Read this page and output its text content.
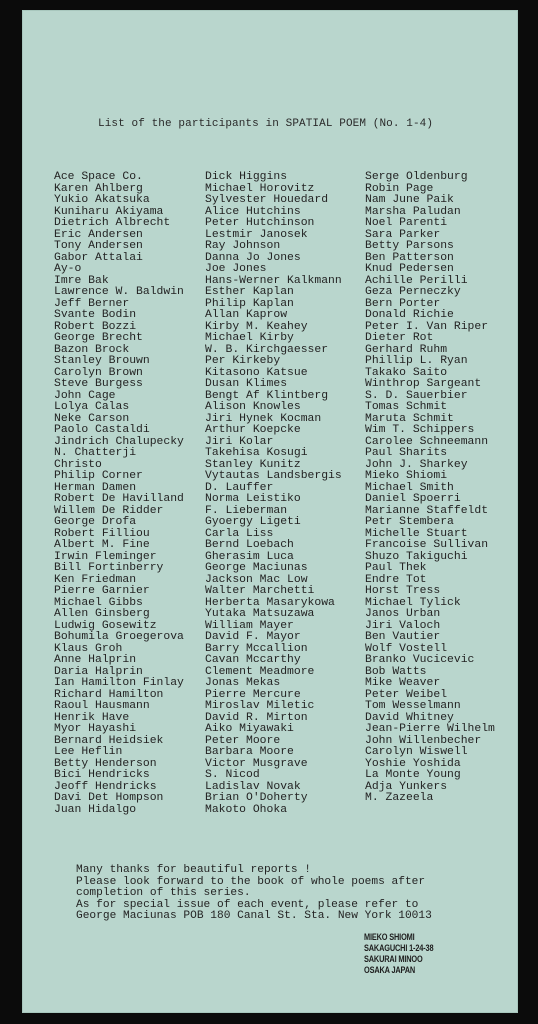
List of the participants in SPATIAL POEM (No. 1-4)
Ace Space Co.
Karen Ahlberg
Yukio Akatsuka
Kuniharu Akiyama
Dietrich Albrecht
Eric Andersen
Tony Andersen
Gabor Attalai
Ay-o
Imre Bak
Lawrence W. Baldwin
Jeff Berner
Svante Bodin
Robert Bozzi
George Brecht
Bazon Brock
Stanley Brouwn
Carolyn Brown
Steve Burgess
John Cage
Lolya Calas
Neke Carson
Paolo Castaldi
Jindrich Chalupecky
N. Chatterji
Christo
Philip Corner
Herman Damen
Robert De Havilland
Willem De Ridder
George Drofa
Robert Filliou
Albert M. Fine
Irwin Fleminger
Bill Fortinberry
Ken Friedman
Pierre Garnier
Michael Gibbs
Allen Ginsberg
Ludwig Gosewitz
Bohumila Groegerova
Klaus Groh
Anne Halprin
Daria Halprin
Ian Hamilton Finlay
Richard Hamilton
Raoul Hausmann
Henrik Have
Myor Hayashi
Bernard Heidsiek
Lee Heflin
Betty Henderson
Bici Hendricks
Jeoff Hendricks
Davi Det Hompson
Juan Hidalgo
Dick Higgins
Michael Horovitz
Sylvester Houedard
Alice Hutchins
Peter Hutchinson
Lestmir Janosek
Ray Johnson
Danna Jo Jones
Joe Jones
Hans-Werner Kalkmann
Esther Kaplan
Philip Kaplan
Allan Kaprow
Kirby M. Keahey
Michael Kirby
W. B. Kirchgaesser
Per Kirkeby
Kitasono Katsue
Dusan Klimes
Bengt Af Klintberg
Alison Knowles
Jiri Hynek Kocman
Arthur Koepcke
Jiri Kolar
Takehisa Kosugi
Stanley Kunitz
Vytautas Landsbergis
D. Lauffer
Norma Leistiko
F. Lieberman
Gyoergy Ligeti
Carla Liss
Bernd Loebach
Gherasim Luca
George Maciunas
Jackson Mac Low
Walter Marchetti
Herberta Masarykowa
Yutaka Matsuzawa
William Mayer
David F. Mayor
Barry Mccallion
Cavan Mccarthy
Clement Meadmore
Jonas Mekas
Pierre Mercure
Miroslav Miletic
David R. Mirton
Aiko Miyawaki
Peter Moore
Barbara Moore
Victor Musgrave
S. Nicod
Ladislav Novak
Brian O'Doherty
Makoto Ohoka
Serge Oldenburg
Robin Page
Nam June Paik
Marsha Paludan
Noel Parenti
Sara Parker
Betty Parsons
Ben Patterson
Knud Pedersen
Achille Perilli
Geza Perneczky
Bern Porter
Donald Richie
Peter I. Van Riper
Dieter Rot
Gerhard Ruhm
Phillip L. Ryan
Takako Saito
Winthrop Sargeant
S. D. Sauerbier
Tomas Schmit
Maruta Schmit
Wim T. Schippers
Carolee Schneemann
Paul Sharits
John J. Sharkey
Mieko Shiomi
Michael Smith
Daniel Spoerri
Marianne Staffeldt
Petr Stembera
Michelle Stuart
Francoise Sullivan
Shuzo Takiguchi
Paul Thek
Endre Tot
Horst Tress
Michael Tylick
Janos Urban
Jiri Valoch
Ben Vautier
Wolf Vostell
Branko Vucicevic
Bob Watts
Mike Weaver
Peter Weibel
Tom Wesselmann
David Whitney
Jean-Pierre Wilhelm
John Willenbecher
Carolyn Wiswell
Yoshie Yoshida
La Monte Young
Adja Yunkers
M. Zazeela
Many thanks for beautiful reports !
Please look forward to the book of whole poems after
completion of this series.
As for special issue of each event, please refer to
George Maciunas POB 180 Canal St. Sta. New York 10013
MIEKO SHIOMI
SAKAGUCHI 1-24-38
SAKURAI MINOO
OSAKA JAPAN
